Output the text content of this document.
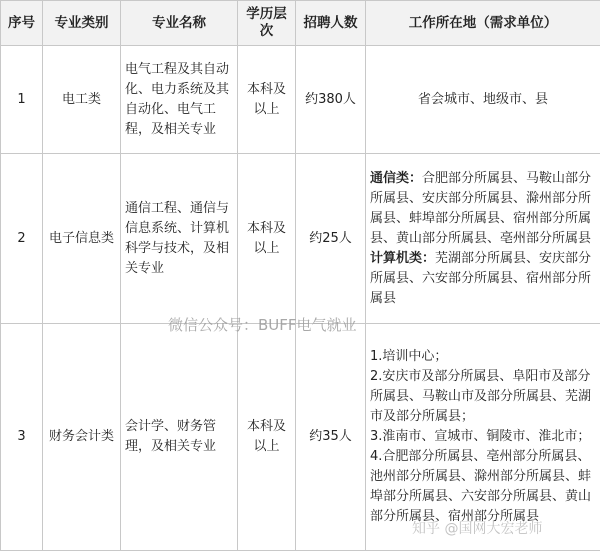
序号	专业类别	专业名称	学历层次	招聘人数	工作所在地（需求单位）
1	电工类	电气工程及其自动化、电力系统及其自动化、电气工程，及相关专业	本科及以上	约380人	省会城市、地级市、县
2	电子信息类	通信工程、通信与信息系统、计算机科学与技术，及相关专业	本科及以上	约25人	通信类：合肥部分所属县、马鞍山部分所属县、安庆部分所属县、滁州部分所属县、蚌埠部分所属县、宿州部分所属县、黄山部分所属县、亳州部分所属县
计算机类：芜湖部分所属县、安庆部分所属县、六安部分所属县、宿州部分所属县
3	财务会计类	会计学、财务管理，及相关专业	本科及以上	约35人	1.培训中心；
2.安庆市及部分所属县、阜阳市及部分所属县、马鞍山市及部分所属县、芜湖市及部分所属县；
3.淮南市、宣城市、铜陵市、淮北市；
4.合肥部分所属县、亳州部分所属县、池州部分所属县、滁州部分所属县、蚌埠部分所属县、六安部分所属县、黄山部分所属县、宿州部分所属县
微信公众号：BUFF电气就业
知乎 @国网大宏老师
